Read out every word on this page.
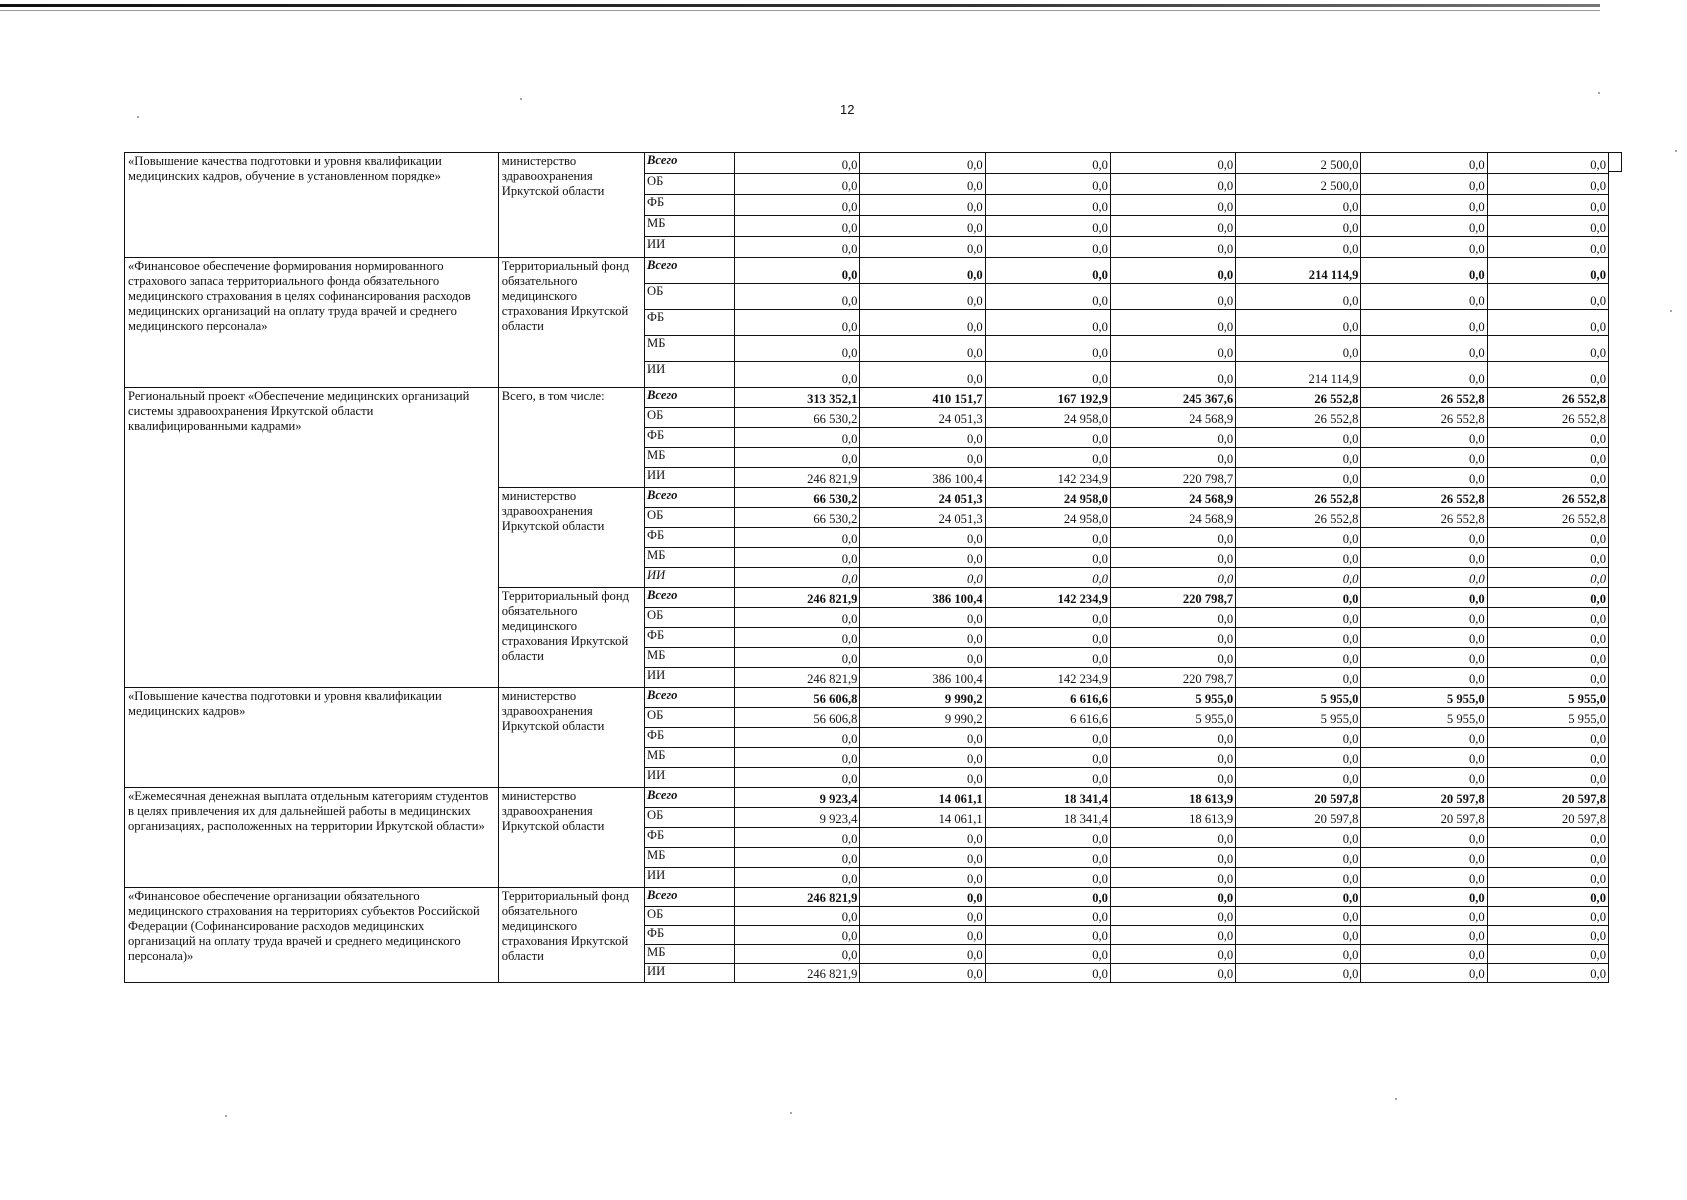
12
«Повышение качества подготовки и уровня квалификации медицинских кадров, обучение в установленном порядке»	министерство здравоохранения Иркутской области	Всего	0,0	0,0	0,0	0,0	2 500,0	0,0	0,0
		ОБ	0,0	0,0	0,0	0,0	2 500,0	0,0	0,0
		ФБ	0,0	0,0	0,0	0,0	0,0	0,0	0,0
		МБ	0,0	0,0	0,0	0,0	0,0	0,0	0,0
		ИИ	0,0	0,0	0,0	0,0	0,0	0,0	0,0
«Финансовое обеспечение формирования нормированного страхового запаса территориального фонда обязательного медицинского страхования в целях софинансирования расходов медицинских организаций на оплату труда врачей и среднего медицинского персонала»	Территориальный фонд обязательного медицинского страхования Иркутской области	Всего	0,0	0,0	0,0	0,0	214 114,9	0,0	0,0
		ОБ	0,0	0,0	0,0	0,0	0,0	0,0	0,0
		ФБ	0,0	0,0	0,0	0,0	0,0	0,0	0,0
		МБ	0,0	0,0	0,0	0,0	0,0	0,0	0,0
		ИИ	0,0	0,0	0,0	0,0	214 114,9	0,0	0,0
Региональный проект «Обеспечение медицинских организаций системы здравоохранения Иркутской области квалифицированными кадрами»	Всего, в том числе:	Всего	313 352,1	410 151,7	167 192,9	245 367,6	26 552,8	26 552,8	26 552,8
		ОБ	66 530,2	24 051,3	24 958,0	24 568,9	26 552,8	26 552,8	26 552,8
		ФБ	0,0	0,0	0,0	0,0	0,0	0,0	0,0
		МБ	0,0	0,0	0,0	0,0	0,0	0,0	0,0
		ИИ	246 821,9	386 100,4	142 234,9	220 798,7	0,0	0,0	0,0
	министерство здравоохранения Иркутской области	Всего	66 530,2	24 051,3	24 958,0	24 568,9	26 552,8	26 552,8	26 552,8
		ОБ	66 530,2	24 051,3	24 958,0	24 568,9	26 552,8	26 552,8	26 552,8
		ФБ	0,0	0,0	0,0	0,0	0,0	0,0	0,0
		МБ	0,0	0,0	0,0	0,0	0,0	0,0	0,0
		ИИ	0,0	0,0	0,0	0,0	0,0	0,0	0,0
	Территориальный фонд обязательного медицинского страхования Иркутской области	Всего	246 821,9	386 100,4	142 234,9	220 798,7	0,0	0,0	0,0
		ОБ	0,0	0,0	0,0	0,0	0,0	0,0	0,0
		ФБ	0,0	0,0	0,0	0,0	0,0	0,0	0,0
		МБ	0,0	0,0	0,0	0,0	0,0	0,0	0,0
		ИИ	246 821,9	386 100,4	142 234,9	220 798,7	0,0	0,0	0,0
«Повышение качества подготовки и уровня квалификации медицинских кадров»	министерство здравоохранения Иркутской области	Всего	56 606,8	9 990,2	6 616,6	5 955,0	5 955,0	5 955,0	5 955,0
		ОБ	56 606,8	9 990,2	6 616,6	5 955,0	5 955,0	5 955,0	5 955,0
		ФБ	0,0	0,0	0,0	0,0	0,0	0,0	0,0
		МБ	0,0	0,0	0,0	0,0	0,0	0,0	0,0
		ИИ	0,0	0,0	0,0	0,0	0,0	0,0	0,0
«Ежемесячная денежная выплата отдельным категориям студентов в целях привлечения их для дальнейшей работы в медицинских организациях, расположенных на территории Иркутской области»	министерство здравоохранения Иркутской области	Всего	9 923,4	14 061,1	18 341,4	18 613,9	20 597,8	20 597,8	20 597,8
		ОБ	9 923,4	14 061,1	18 341,4	18 613,9	20 597,8	20 597,8	20 597,8
		ФБ	0,0	0,0	0,0	0,0	0,0	0,0	0,0
		МБ	0,0	0,0	0,0	0,0	0,0	0,0	0,0
		ИИ	0,0	0,0	0,0	0,0	0,0	0,0	0,0
«Финансовое обеспечение организации обязательного медицинского страхования на территориях субъектов Российской Федерации (Софинансирование расходов медицинских организаций на оплату труда врачей и среднего медицинского персонала)»	Территориальный фонд обязательного медицинского страхования Иркутской области	Всего	246 821,9	0,0	0,0	0,0	0,0	0,0	0,0
		ОБ	0,0	0,0	0,0	0,0	0,0	0,0	0,0
		ФБ	0,0	0,0	0,0	0,0	0,0	0,0	0,0
		МБ	0,0	0,0	0,0	0,0	0,0	0,0	0,0
		ИИ	246 821,9	0,0	0,0	0,0	0,0	0,0	0,0
